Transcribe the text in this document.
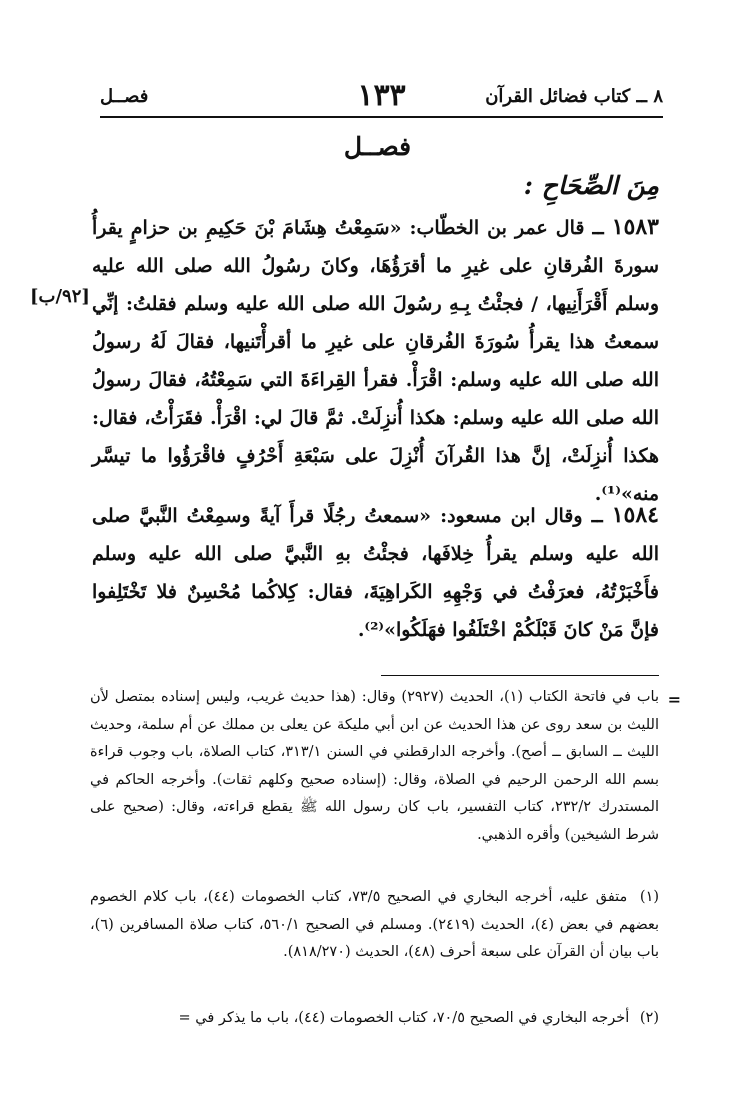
٨ ــ كتاب فضائل القرآن
١٣٣
فصــل
فصــل
مِنَ الصِّحَاحِ :
[٩٢/ب]

١٥٨٣ ــ قال عمر بن الخطّاب: «سَمِعْتُ هِشَامَ بْنَ حَكِيمِ بن حزامٍ يقرأُ سورةَ الفُرقانِ على غيرِ ما أقرَؤُهَا، وكانَ رسُولُ الله صلى الله عليه وسلم أَقْرَأَنِيها، / فجئْتُ بِـهِ رسُولَ الله صلى الله عليه وسلم فقلتُ: إنِّي سمعتُ هذا يقرأُ سُورَةَ الفُرقانِ على غيرِ ما أقرأْتَنيها، فقالَ لَهُ رسولُ الله صلى الله عليه وسلم: اقْرَأْ. فقرأ القِراءَةَ التي سَمِعْتُهُ، فقالَ رسولُ الله صلى الله عليه وسلم: هكذا أُنزِلَتْ. ثمَّ قالَ لي: اقْرَأْ. فقَرَأْتُ، فقال: هكذا أُنزِلَتْ، إنَّ هذا القُرآنَ أُنْزِلَ على سَبْعَةِ أَحْرُفٍ فاقْرَؤُوا ما تيسَّر منه»⁽¹⁾.

١٥٨٤ ــ وقال ابن مسعود: «سمعتُ رجُلًا قرأَ آيةً وسمِعْتُ النَّبيَّ صلى الله عليه وسلم يقرأُ خِلافَها، فجئْتُ بهِ النَّبيَّ صلى الله عليه وسلم فأَخْبَرْتُهُ، فعرَفْتُ في وَجْهِهِ الكَراهِيَةَ، فقال: كِلاكُما مُحْسِنٌ فلا تَخْتَلِفوا فإنَّ مَنْ كانَ قَبْلَكُمْ اخْتَلَفُوا فهَلَكُوا»⁽²⁾.

=

باب في فاتحة الكتاب (١)، الحديث (٢٩٢٧) وقال: (هذا حديث غريب، وليس إسناده بمتصل لأن الليث بن سعد روى عن هذا الحديث عن ابن أبي مليكة عن يعلى بن مملك عن أم سلمة، وحديث الليث ــ السابق ــ أصح). وأخرجه الدارقطني في السنن ٣١٣/١، كتاب الصلاة، باب وجوب قراءة بسم الله الرحمن الرحيم في الصلاة، وقال: (إسناده صحيح وكلهم ثقات). وأخرجه الحاكم في المستدرك ٢٣٢/٢، كتاب التفسير، باب كان رسول الله ﷺ يقطع قراءته، وقال: (صحيح على شرط الشيخين) وأقره الذهبي.

(١) متفق عليه، أخرجه البخاري في الصحيح ٧٣/٥، كتاب الخصومات (٤٤)، باب كلام الخصوم بعضهم في بعض (٤)، الحديث (٢٤١٩). ومسلم في الصحيح ٥٦٠/١، كتاب صلاة المسافرين (٦)، باب بيان أن القرآن على سبعة أحرف (٤٨)، الحديث (٨١٨/٢٧٠).

(٢) أخرجه البخاري في الصحيح ٧٠/٥، كتاب الخصومات (٤٤)، باب ما يذكر في =
